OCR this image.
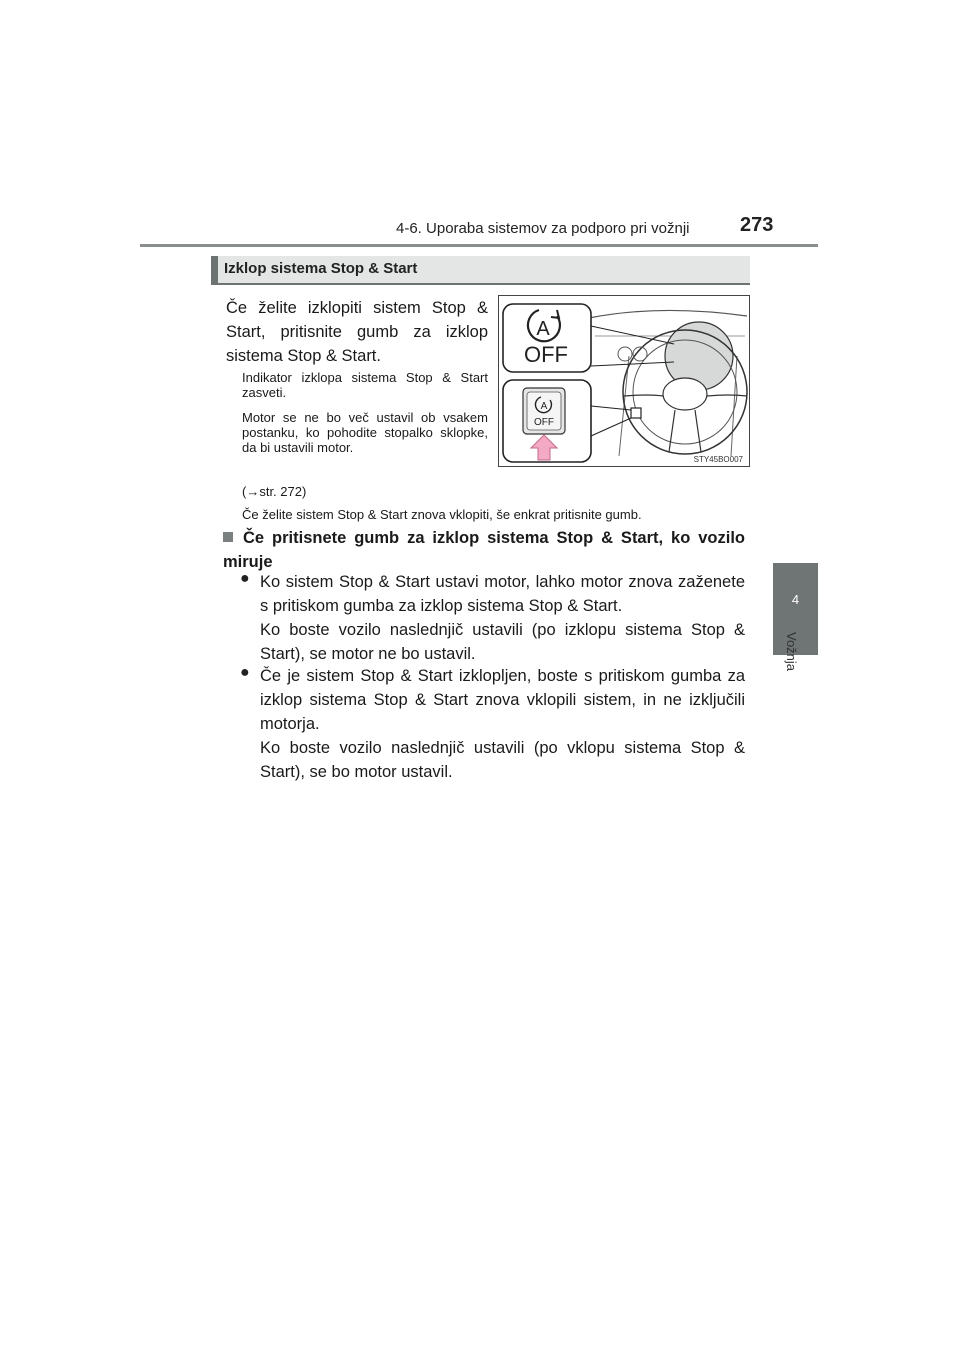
4-6. Uporaba sistemov za podporo pri vožnji	273
4
Vožnja
Izklop sistema Stop & Start
Če želite izklopiti sistem Stop & Start, pritisnite gumb za izklop sistema Stop & Start.
Indikator izklopa sistema Stop & Start zasveti.
Motor se ne bo več ustavil ob vsakem postanku, ko pohodite stopalko sklopke, da bi ustavili motor.
(→str. 272)
Če želite sistem Stop & Start znova vklopiti, še enkrat pritisnite gumb.
A
OFF
A
OFF
STY45BO007
Če pritisnete gumb za izklop sistema Stop & Start, ko vozilo miruje
● Ko sistem Stop & Start ustavi motor, lahko motor znova zaženete s pritiskom gumba za izklop sistema Stop & Start.
Ko boste vozilo naslednjič ustavili (po izklopu sistema Stop & Start), se motor ne bo ustavil.
● Če je sistem Stop & Start izklopljen, boste s pritiskom gumba za izklop sistema Stop & Start znova vklopili sistem, in ne izključili motorja.
Ko boste vozilo naslednjič ustavili (po vklopu sistema Stop & Start), se bo motor ustavil.
